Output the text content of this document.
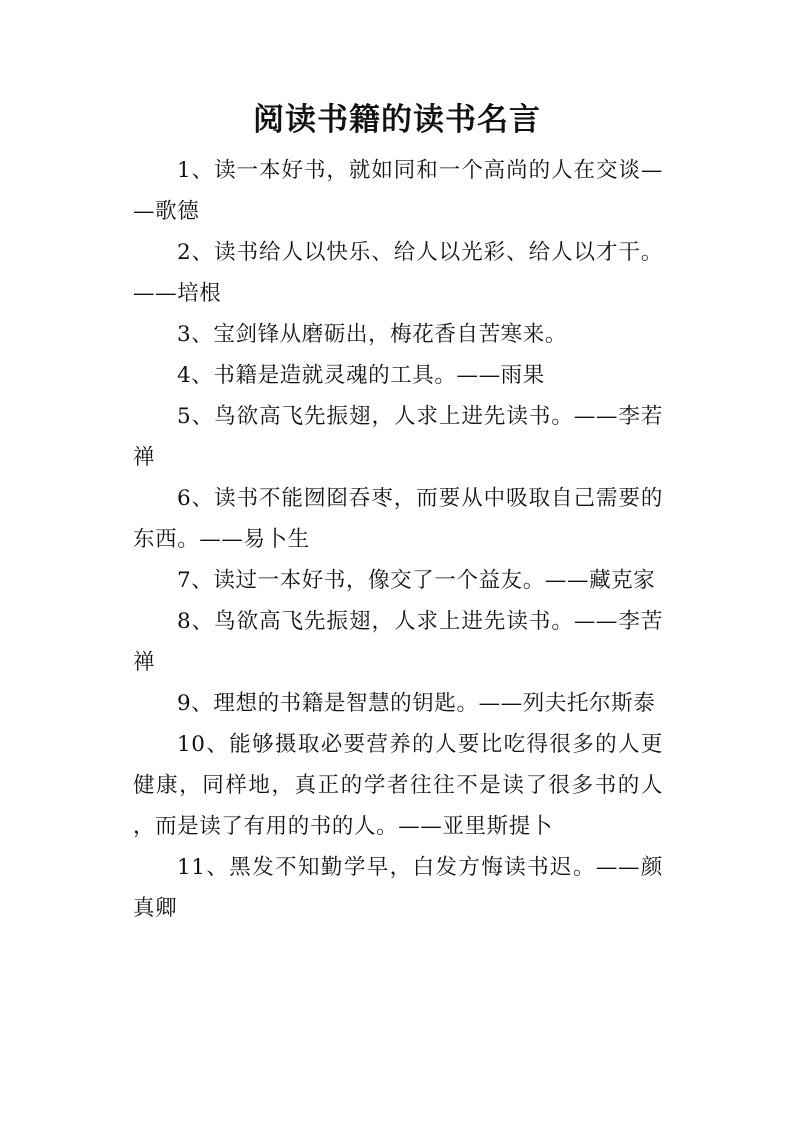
阅读书籍的读书名言

1、读一本好书，就如同和一个高尚的人在交谈——歌德

2、读书给人以快乐、给人以光彩、给人以才干。——培根

3、宝剑锋从磨砺出，梅花香自苦寒来。

4、书籍是造就灵魂的工具。——雨果

5、鸟欲高飞先振翅，人求上进先读书。——李若禅

6、读书不能囫囵吞枣，而要从中吸取自己需要的东西。——易卜生

7、读过一本好书，像交了一个益友。——藏克家

8、鸟欲高飞先振翅，人求上进先读书。——李苦禅

9、理想的书籍是智慧的钥匙。——列夫托尔斯泰

10、能够摄取必要营养的人要比吃得很多的人更健康，同样地，真正的学者往往不是读了很多书的人，而是读了有用的书的人。——亚里斯提卜

11、黑发不知勤学早，白发方悔读书迟。——颜真卿
